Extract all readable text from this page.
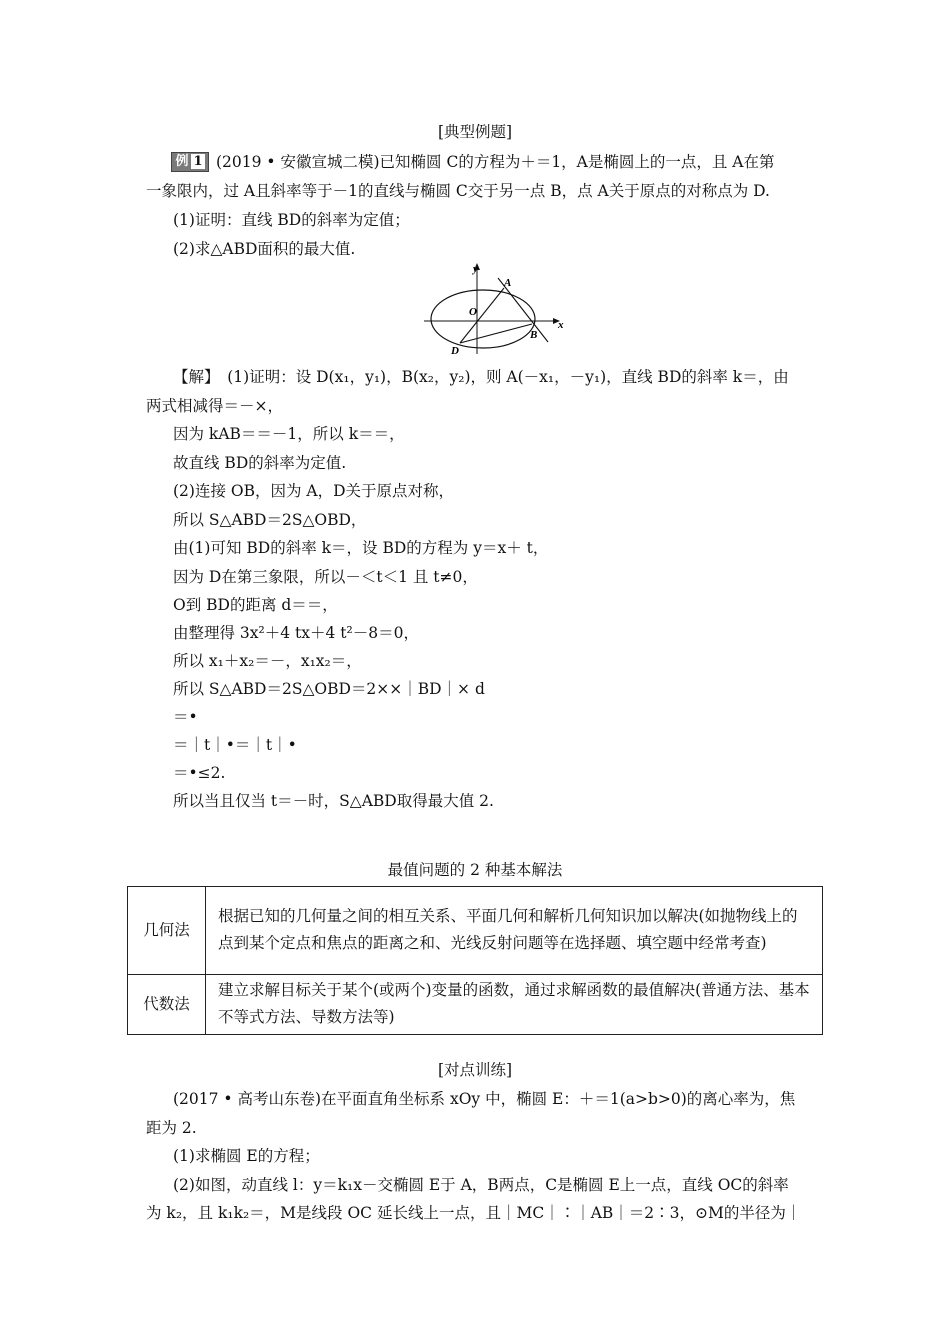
[典型例题]
例 1 (2019 • 安徽宣城二模)已知椭圆 C的方程为＋＝1，A是椭圆上的一点，且 A在第
一象限内，过 A且斜率等于－1的直线与椭圆 C交于另一点 B，点 A关于原点的对称点为 D.
(1)证明：直线 BD的斜率为定值；
(2)求△ABD面积的最大值.
y
x
O
A
B
D
【解】　(1)证明：设 D(x₁，y₁)，B(x₂，y₂)，则 A(－x₁，－y₁)，直线 BD的斜率 k＝，由
两式相减得＝－×，
因为 kAB＝＝－1，所以 k＝＝，
故直线 BD的斜率为定值.
(2)连接 OB，因为 A，D关于原点对称，
所以 S△ABD＝2S△OBD，
由(1)可知 BD的斜率 k＝，设 BD的方程为 y＝x＋ t，
因为 D在第三象限，所以－＜t＜1 且 t≠0，
O到 BD的距离 d＝＝，
由整理得 3x²＋4 tx＋4 t²－8＝0，
所以 x₁＋x₂＝－，x₁x₂＝，
所以 S△ABD＝2S△OBD＝2××｜BD｜× d
＝•
＝｜t｜•＝｜t｜•
＝•≤2.
所以当且仅当 t＝－时，S△ABD取得最大值 2.
最值问题的 2 种基本解法
几何法	根据已知的几何量之间的相互关系、平面几何和解析几何知识加以解决(如抛物线上的点到某个定点和焦点的距离之和、光线反射问题等在选择题、填空题中经常考查)
代数法	建立求解目标关于某个(或两个)变量的函数，通过求解函数的最值解决(普通方法、基本不等式方法、导数方法等)
[对点训练]
(2017 • 高考山东卷)在平面直角坐标系 xOy 中，椭圆 E：＋＝1(a>b>0)的离心率为，焦
距为 2.
(1)求椭圆 E的方程；
(2)如图，动直线 l：y＝k₁x－交椭圆 E于 A，B两点，C是椭圆 E上一点，直线 OC的斜率
为 k₂，且 k₁k₂＝，M是线段 OC 延长线上一点，且｜MC｜∶｜AB｜＝2∶3，⊙M的半径为｜
